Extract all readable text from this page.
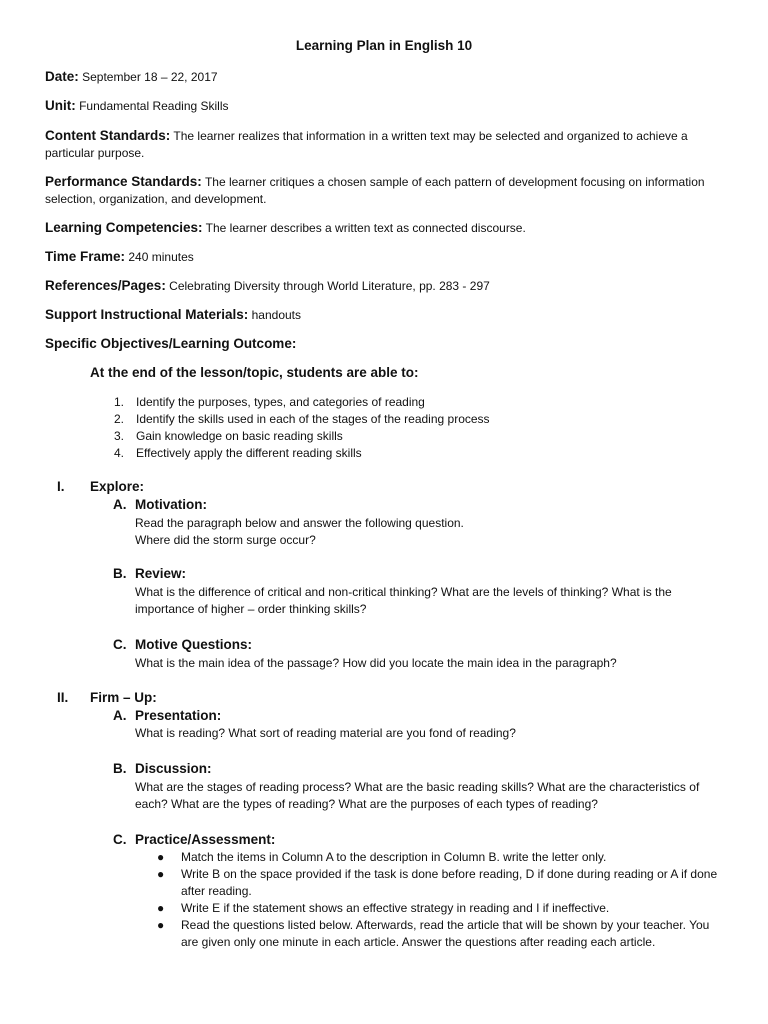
Learning Plan in English 10
Date: September 18 – 22, 2017
Unit: Fundamental Reading Skills
Content Standards: The learner realizes that information in a written text may be selected and organized to achieve a particular purpose.
Performance Standards: The learner critiques a chosen sample of each pattern of development focusing on information selection, organization, and development.
Learning Competencies: The learner describes a written text as connected discourse.
Time Frame: 240 minutes
References/Pages: Celebrating Diversity through World Literature, pp. 283 - 297
Support Instructional Materials: handouts
Specific Objectives/Learning Outcome:
At the end of the lesson/topic, students are able to:
1. Identify the purposes, types, and categories of reading
2. Identify the skills used in each of the stages of the reading process
3. Gain knowledge on basic reading skills
4. Effectively apply the different reading skills
I. Explore:
A. Motivation:
Read the paragraph below and answer the following question.
Where did the storm surge occur?
B. Review:
What is the difference of critical and non-critical thinking? What are the levels of thinking? What is the importance of higher – order thinking skills?
C. Motive Questions:
What is the main idea of the passage? How did you locate the main idea in the paragraph?
II. Firm – Up:
A. Presentation:
What is reading? What sort of reading material are you fond of reading?
B. Discussion:
What are the stages of reading process? What are the basic reading skills? What are the characteristics of each? What are the types of reading? What are the purposes of each types of reading?
C. Practice/Assessment:
● Match the items in Column A to the description in Column B. write the letter only.
● Write B on the space provided if the task is done before reading, D if done during reading or A if done after reading.
● Write E if the statement shows an effective strategy in reading and I if ineffective.
● Read the questions listed below. Afterwards, read the article that will be shown by your teacher. You are given only one minute in each article. Answer the questions after reading each article.
